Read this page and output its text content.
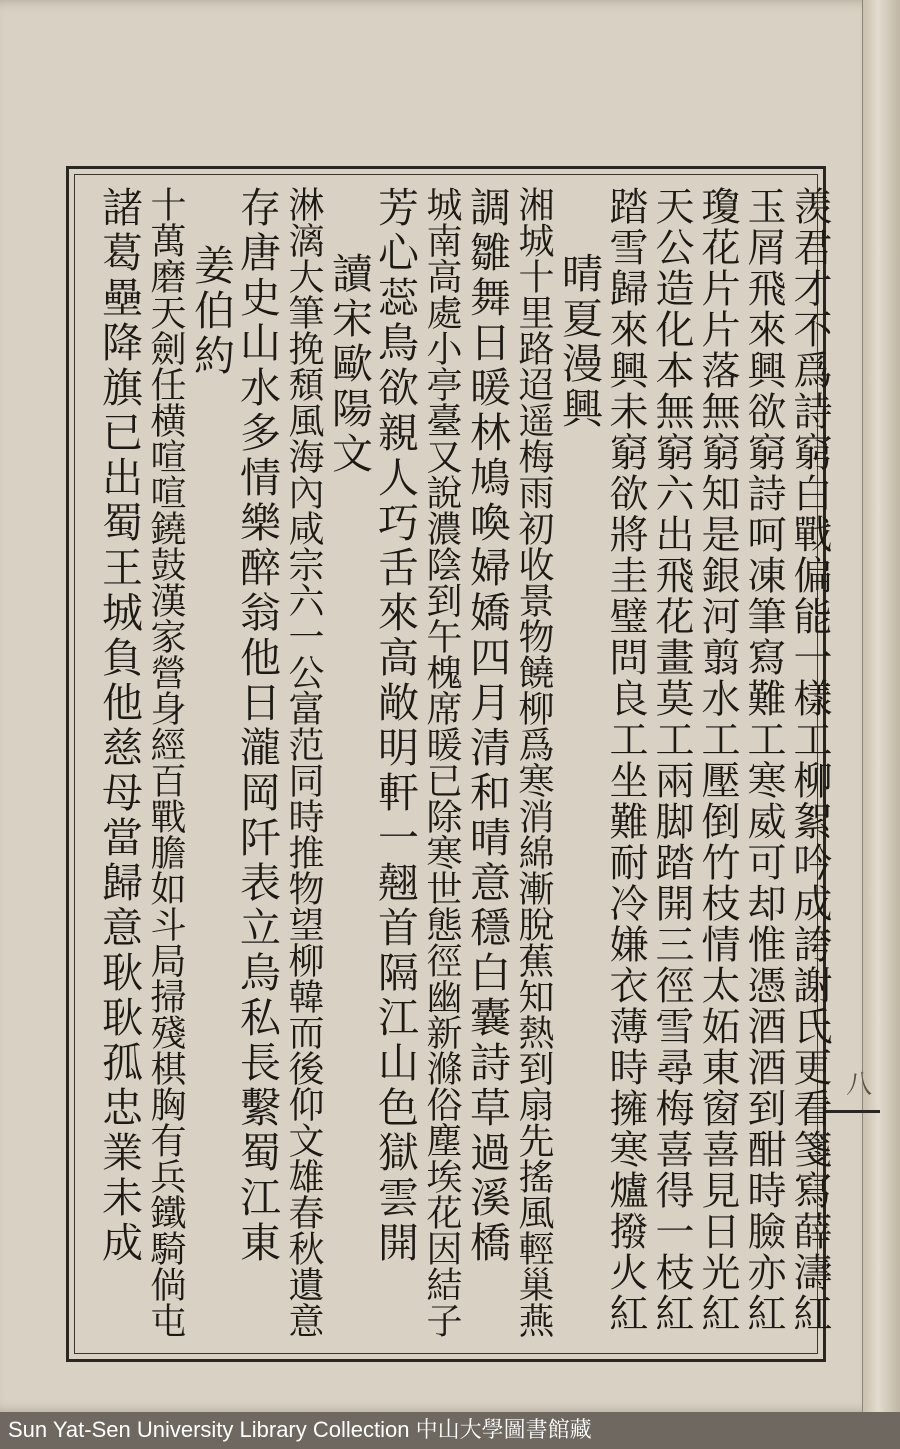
八
羡君才不爲詩窮白戰偏能一樣工柳絮吟成誇謝氏更看箋寫薛濤紅
玉屑飛來興欲窮詩呵凍筆寫難工寒威可却惟憑酒酒到酣時臉亦紅
瓊花片片落無窮知是銀河翦水工壓倒竹枝情太妬東窗喜見日光紅
天公造化本無窮六出飛花畫莫工兩脚踏開三徑雪尋梅喜得一枝紅
踏雪歸來興未窮欲將圭璧問良工坐難耐冷嫌衣薄時擁寒爐撥火紅
晴夏漫興
湘城十里路迢遥梅雨初收景物饒柳爲寒消綿漸脫蕉知熱到扇先搖風輕巢燕
調雛舞日暖林鳩喚婦嬌四月清和晴意穩白囊詩草過溪橋
城南高處小亭臺又說濃陰到午槐席暖已除寒世態徑幽新滌俗塵埃花因結子
芳心蕊鳥欲親人巧舌來高敞明軒一翹首隔江山色獄雲開
讀宋歐陽文
淋漓大筆挽頹風海內咸宗六一公富范同時推物望柳韓而後仰文雄春秋遺意
存唐史山水多情樂醉翁他日瀧岡阡表立烏私長繫蜀江東
姜伯約
十萬磨天劍任横喧喧鐃鼓漢家營身經百戰膽如斗局掃殘棋胸有兵鐵騎倘屯
諸葛壘降旗已出蜀王城負他慈母當歸意耿耿孤忠業未成
Sun Yat-Sen University Library Collection 中山大學圖書館藏
